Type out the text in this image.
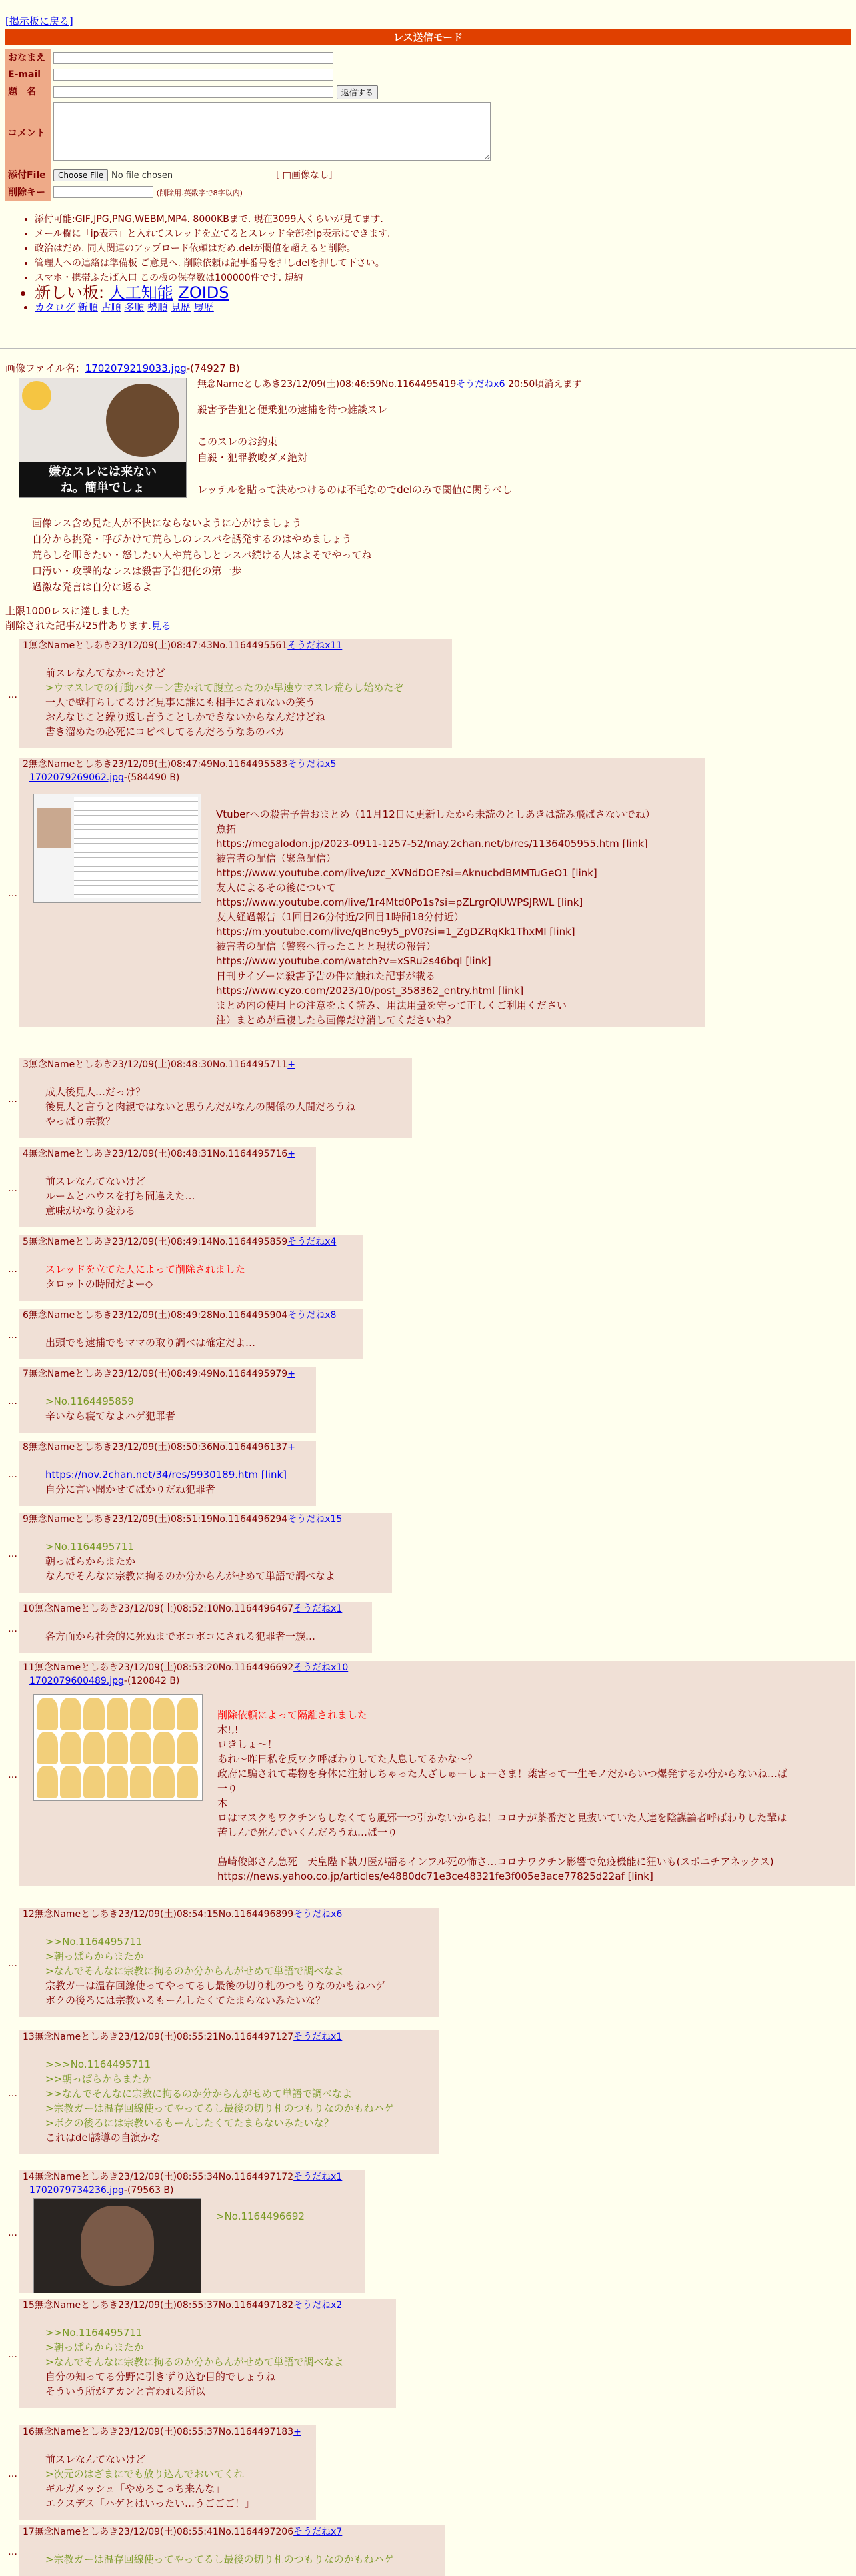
[掲示板に戻る]
レス送信モード
おなまえ	
E-mail	
題　名	返信する
コメント	
添付File	Choose File No file chosen [ □画像なし]
削除キー	(削除用.英数字で8字以内)
• 添付可能:GIF,JPG,PNG,WEBM,MP4. 8000KBまで. 現在3099人くらいが見てます.
• メール欄に「ip表示」と入れてスレッドを立てるとスレッド全部をip表示にできます.
• 政治はだめ. 同人関連のアップロード依頼はだめ.delが閾値を超えると削除。
• 管理人への連絡は準備板 ご意見へ. 削除依頼は記事番号を押しdelを押して下さい。
• スマホ・携帯ふたば入口 この板の保存数は100000件です. 規約
• 新しい板: 人工知能 ZOIDS
• カタログ 新順 古順 多順 勢順 見歴 履歴
画像ファイル名：1702079219033.jpg-(74927 B)
嫌なスレには来ない
ね。簡単でしょ
無念Nameとしあき23/12/09(土)08:46:59No.1164495419そうだねx6 20:50頃消えます
殺害予告犯と便乗犯の逮捕を待つ雑談スレ

このスレのお約束
自殺・犯罪教唆ダメ絶対

レッテルを貼って決めつけるのは不毛なのでdelのみで閾値に関うべし
画像レス含め見た人が不快にならないように心がけましょう
自分から挑発・呼びかけて荒らしのレスバを誘発するのはやめましょう
荒らしを叩きたい・怒したい人や荒らしとレスバ続ける人はよそでやってね
口汚い・攻撃的なレスは殺害予告犯化の第一歩
過激な発言は自分に返るよ
上限1000レスに達しました
削除された記事が25件あります.見る
…
1無念Nameとしあき23/12/09(土)08:47:43No.1164495561そうだねx11
前スレなんてなかったけど
>ウマスレでの行動パターン書かれて腹立ったのか早速ウマスレ荒らし始めたぞ
一人で壁打ちしてるけど見事に誰にも相手にされないの笑う
おんなじこと繰り返し言うことしかできないからなんだけどね
書き溜めたの必死にコピペしてるんだろうなあのバカ
…
2無念Nameとしあき23/12/09(土)08:47:49No.1164495583そうだねx5
1702079269062.jpg-(584490 B)
Vtuberへの殺害予告おまとめ（11月12日に更新したから未読のとしあきは読み飛ばさないでね）
魚拓
https://megalodon.jp/2023-0911-1257-52/may.2chan.net/b/res/1136405955.htm [link]
被害者の配信（緊急配信）
https://www.youtube.com/live/uzc_XVNdDOE?si=AknucbdBMMTuGeO1 [link]
友人によるその後について
https://www.youtube.com/live/1r4Mtd0Po1s?si=pZLrgrQlUWPSJRWL [link]
友人経過報告（1回目26分付近/2回目1時間18分付近）
https://m.youtube.com/live/qBne9y5_pV0?si=1_ZgDZRqKk1ThxMI [link]
被害者の配信（警察へ行ったことと現状の報告）
https://www.youtube.com/watch?v=xSRu2s46bqI [link]
日刊サイゾーに殺害予告の件に触れた記事が載る
https://www.cyzo.com/2023/10/post_358362_entry.html [link]
まとめ内の使用上の注意をよく読み、用法用量を守って正しくご利用ください
注）まとめが重複したら画像だけ消してくださいね？
…
3無念Nameとしあき23/12/09(土)08:48:30No.1164495711+
成人後見人…だっけ？
後見人と言うと肉親ではないと思うんだがなんの関係の人間だろうね
やっぱり宗教？
…
4無念Nameとしあき23/12/09(土)08:48:31No.1164495716+
前スレなんてないけど
ルームとハウスを打ち間違えた…
意味がかなり変わる
…
5無念Nameとしあき23/12/09(土)08:49:14No.1164495859そうだねx4
スレッドを立てた人によって削除されました
タロットの時間だよー◇
…
6無念Nameとしあき23/12/09(土)08:49:28No.1164495904そうだねx8
出頭でも逮捕でもママの取り調べは確定だよ…
…
7無念Nameとしあき23/12/09(土)08:49:49No.1164495979+
>No.1164495859
辛いなら寝てなよハゲ犯罪者
…
8無念Nameとしあき23/12/09(土)08:50:36No.1164496137+
https://nov.2chan.net/34/res/9930189.htm [link]
自分に言い聞かせてばかりだね犯罪者
…
9無念Nameとしあき23/12/09(土)08:51:19No.1164496294そうだねx15
>No.1164495711
朝っぱらからまたか
なんでそんなに宗教に拘るのか分からんがせめて単語で調べなよ
…
10無念Nameとしあき23/12/09(土)08:52:10No.1164496467そうだねx1
各方面から社会的に死ぬまでボコボコにされる犯罪者一族…
…
11無念Nameとしあき23/12/09(土)08:53:20No.1164496692そうだねx10
1702079600489.jpg-(120842 B)
削除依頼によって隔離されました
木!,!
ロきしょ～！
あれ〜昨日私を反ワク呼ばわりしてた人息してるかな〜？
政府に騙されて毒物を身体に注射しちゃった人ざしゅーしょーさま！薬害って一生モノだからいつ爆発するか分からないね…ば
一り
木
ロはマスクもワクチンもしなくても風邪一つ引かないからね！コロナが茶番だと見抜いていた人達を陰謀論者呼ばわりした輩は
苦しんで死んでいくんだろうね…ば一り

島崎俊郎さん急死　天皇陛下執刀医が語るインフル死の怖さ…コロナワクチン影響で免疫機能に狂いも(スポニチアネックス)
https://news.yahoo.co.jp/articles/e4880dc71e3ce48321fe3f005e3ace77825d22af [link]
…
12無念Nameとしあき23/12/09(土)08:54:15No.1164496899そうだねx6
>>No.1164495711
>朝っぱらからまたか
>なんでそんなに宗教に拘るのか分からんがせめて単語で調べなよ
宗教ガーは温存回線使ってやってるし最後の切り札のつもりなのかもねハゲ
ボクの後ろには宗教いるもーんしたくてたまらないみたいな？
…
13無念Nameとしあき23/12/09(土)08:55:21No.1164497127そうだねx1
>>>No.1164495711
>>朝っぱらからまたか
>>なんでそんなに宗教に拘るのか分からんがせめて単語で調べなよ
>宗教ガーは温存回線使ってやってるし最後の切り札のつもりなのかもねハゲ
>ボクの後ろには宗教いるもーんしたくてたまらないみたいな？
これはdel誘導の自演かな
…
14無念Nameとしあき23/12/09(土)08:55:34No.1164497172そうだねx1
1702079734236.jpg-(79563 B)
>No.1164496692
…
15無念Nameとしあき23/12/09(土)08:55:37No.1164497182そうだねx2
>>No.1164495711
>朝っぱらからまたか
>なんでそんなに宗教に拘るのか分からんがせめて単語で調べなよ
自分の知ってる分野に引きずり込む目的でしょうね
そういう所がアカンと言われる所以
…
16無念Nameとしあき23/12/09(土)08:55:37No.1164497183+
前スレなんてないけど
>次元のはざまにでも放り込んでおいてくれ
ギルガメッシュ「やめろこっち来んな」
エクスデス「ハゲとはいったい…うごごご！」
…
17無念Nameとしあき23/12/09(土)08:55:41No.1164497206そうだねx7
>宗教ガーは温存回線使ってやってるし最後の切り札のつもりなのかもねハゲ
